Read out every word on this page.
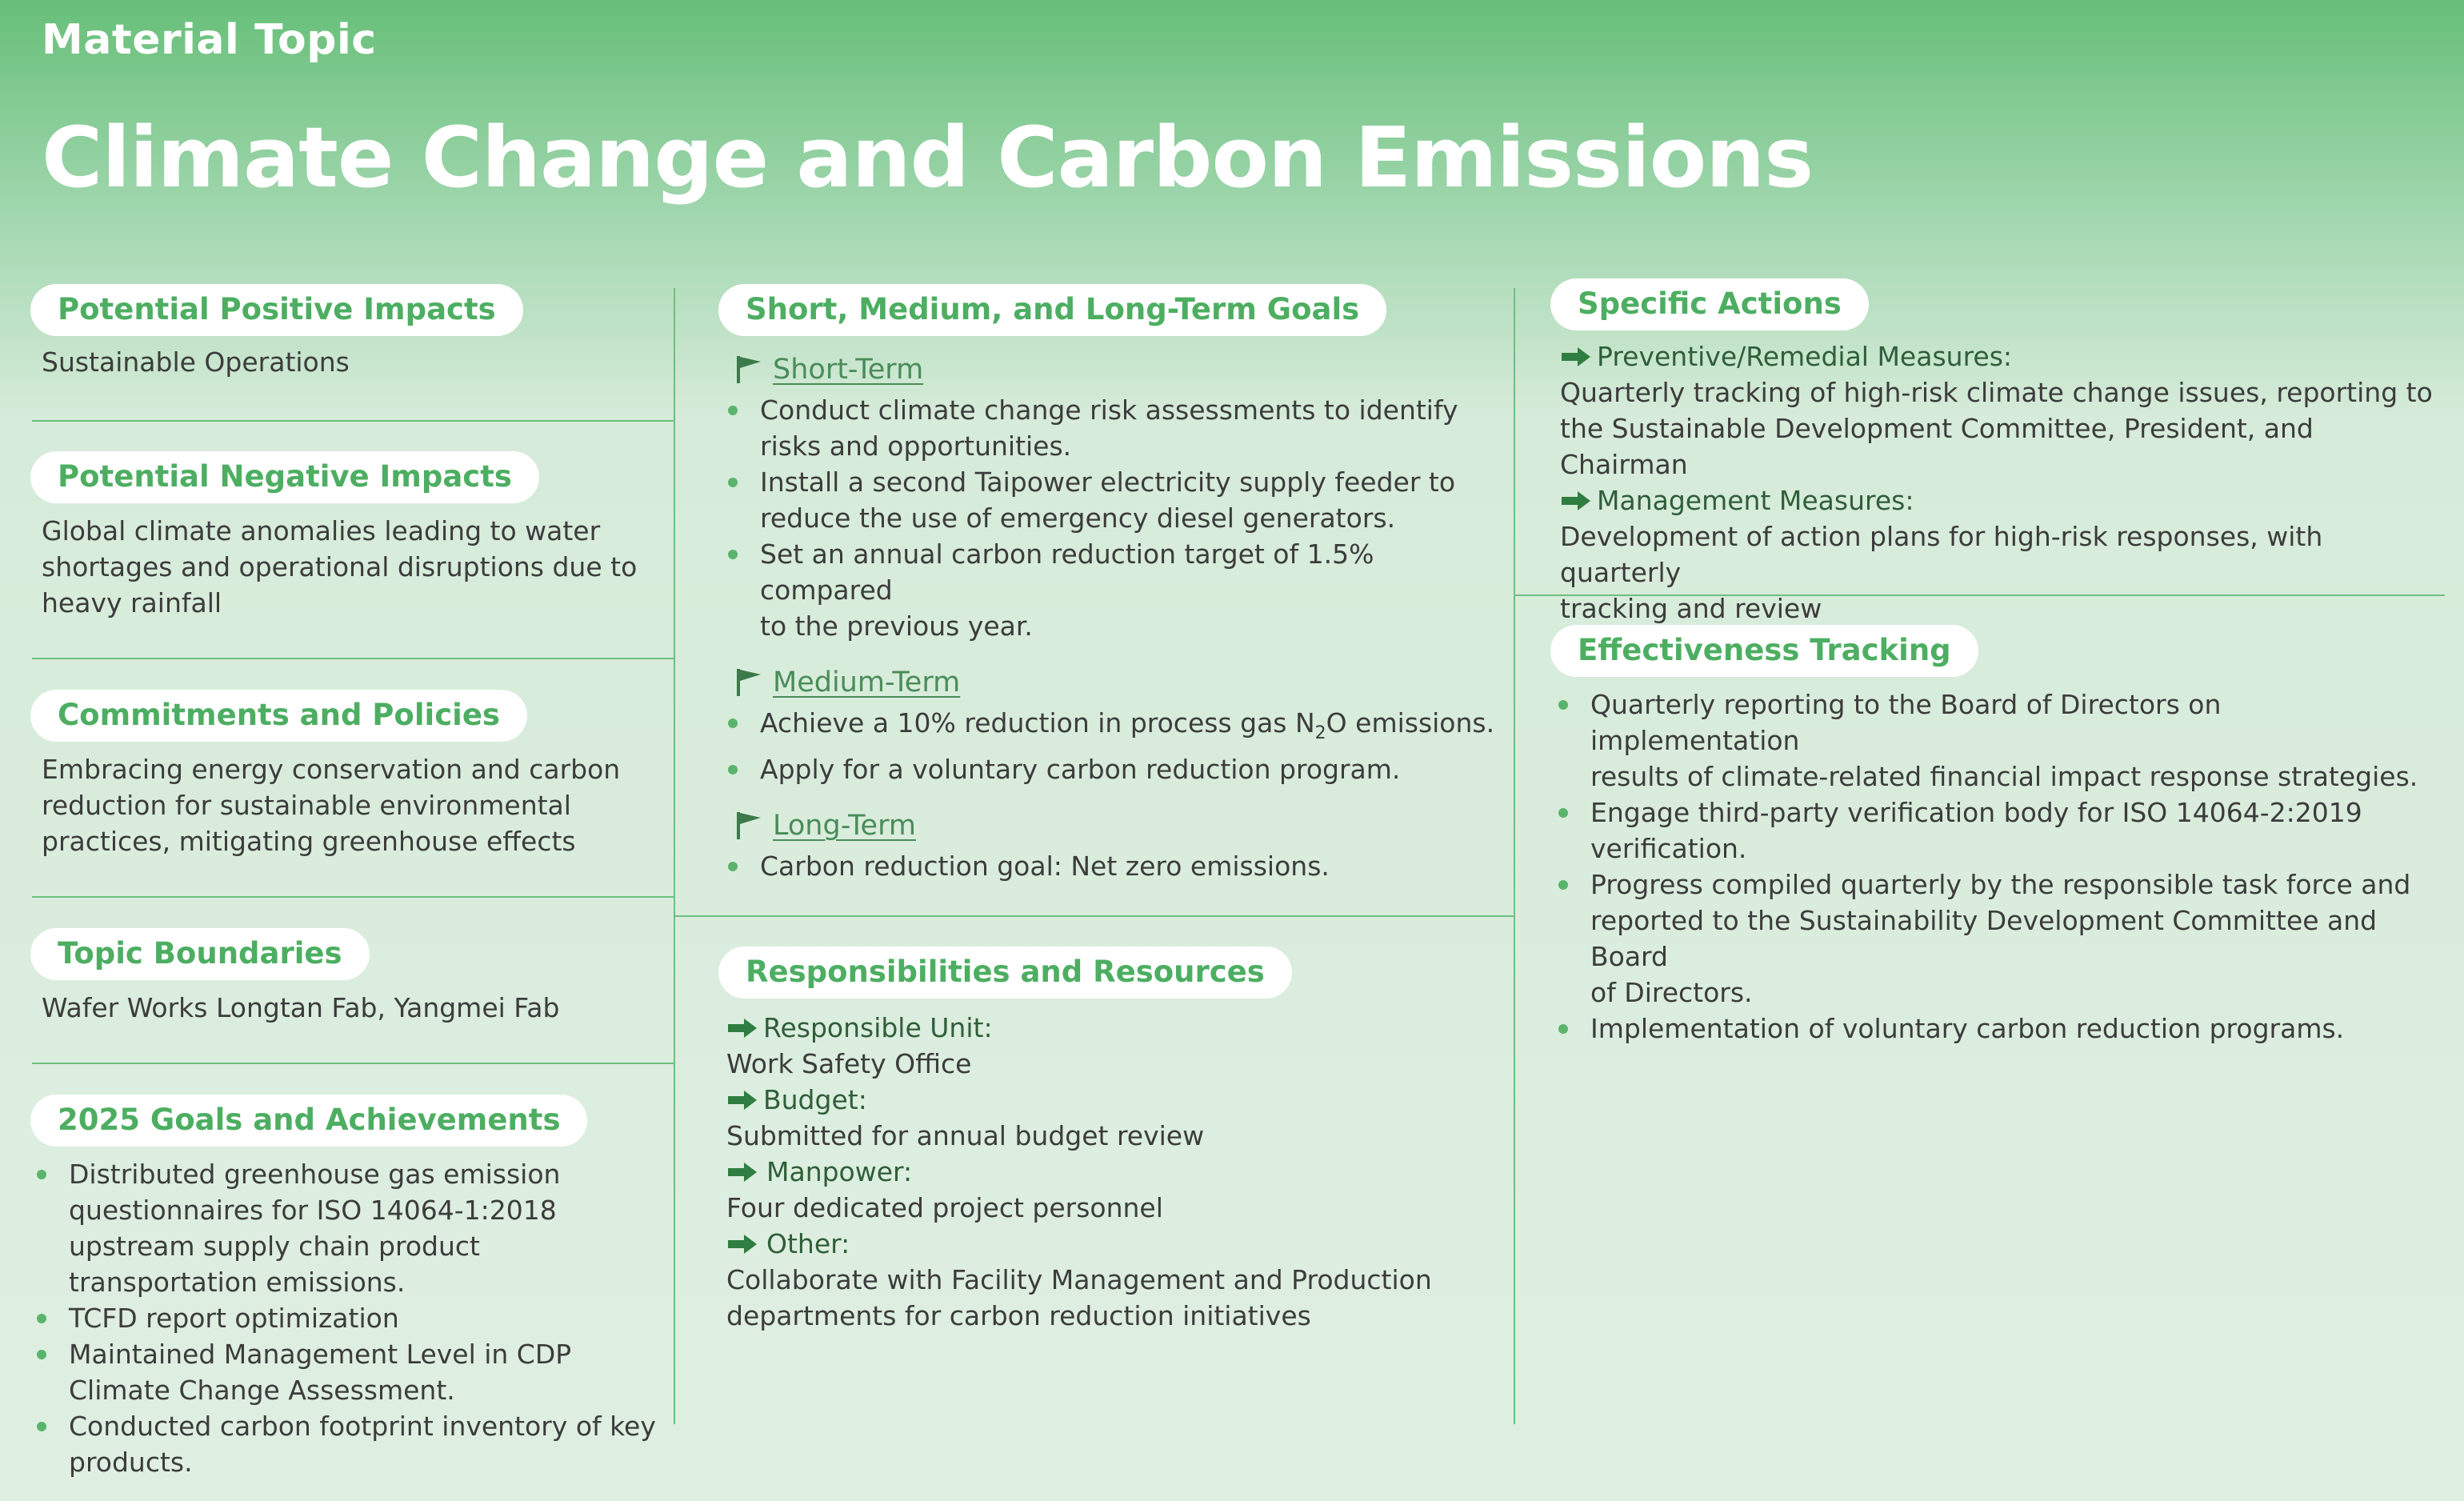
Material Topic
Climate Change and Carbon Emissions
Potential Positive Impacts
Sustainable Operations
Potential Negative Impacts
Global climate anomalies leading to water
shortages and operational disruptions due to
heavy rainfall
Commitments and Policies
Embracing energy conservation and carbon
reduction for sustainable environmental
practices, mitigating greenhouse effects
Topic Boundaries
Wafer Works Longtan Fab, Yangmei Fab
2025 Goals and Achievements
Distributed greenhouse gas emission
questionnaires for ISO 14064-1:2018
upstream supply chain product
transportation emissions.
TCFD report optimization
Maintained Management Level in CDP
Climate Change Assessment.
Conducted carbon footprint inventory of key
products.
Short, Medium, and Long-Term Goals
Short-Term
Conduct climate change risk assessments to identify
risks and opportunities.
Install a second Taipower electricity supply feeder to
reduce the use of emergency diesel generators.
Set an annual carbon reduction target of 1.5% compared
to the previous year.
Medium-Term
Achieve a 10% reduction in process gas $N_2O$ emissions.
Apply for a voluntary carbon reduction program.
Long-Term
Carbon reduction goal: Net zero emissions.
Responsibilities and Resources
Responsible Unit:
Work Safety Office
Budget:
Submitted for annual budget review
Manpower:
Four dedicated project personnel
Other:
Collaborate with Facility Management and Production
departments for carbon reduction initiatives
Specific Actions
Preventive/Remedial Measures:
Quarterly tracking of high-risk climate change issues, reporting to
the Sustainable Development Committee, President, and Chairman
Management Measures:
Development of action plans for high-risk responses, with quarterly
tracking and review
Effectiveness Tracking
Quarterly reporting to the Board of Directors on implementation
results of climate-related financial impact response strategies.
Engage third-party verification body for ISO 14064-2:2019
verification.
Progress compiled quarterly by the responsible task force and
reported to the Sustainability Development Committee and Board
of Directors.
Implementation of voluntary carbon reduction programs.
